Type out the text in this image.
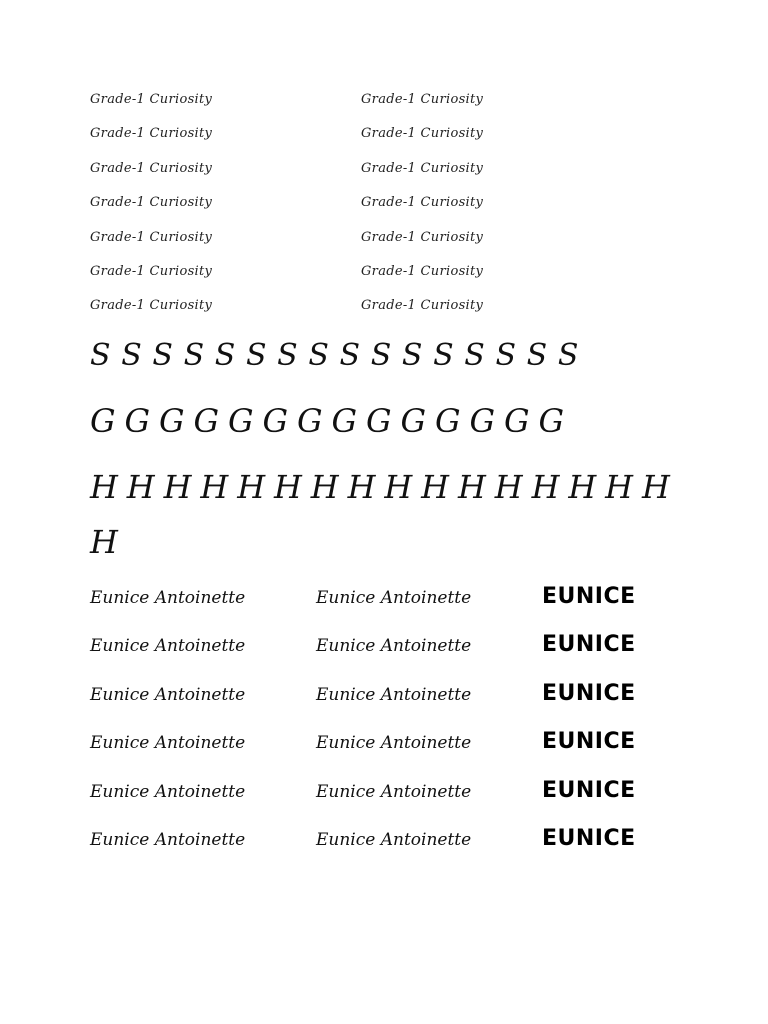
Grade-1 Curiosity	Grade-1 Curiosity
Grade-1 Curiosity	Grade-1 Curiosity
Grade-1 Curiosity	Grade-1 Curiosity
Grade-1 Curiosity	Grade-1 Curiosity
Grade-1 Curiosity	Grade-1 Curiosity
Grade-1 Curiosity	Grade-1 Curiosity
Grade-1 Curiosity	Grade-1 Curiosity
S S S S S S S S S S S S S S S S
G G G G G G G G G G G G G G
H H H H H H H H H H H H H H H H
H
Eunice Antoinette	Eunice Antoinette	EUNICE
Eunice Antoinette	Eunice Antoinette	EUNICE
Eunice Antoinette	Eunice Antoinette	EUNICE
Eunice Antoinette	Eunice Antoinette	EUNICE
Eunice Antoinette	Eunice Antoinette	EUNICE
Eunice Antoinette	Eunice Antoinette	EUNICE
